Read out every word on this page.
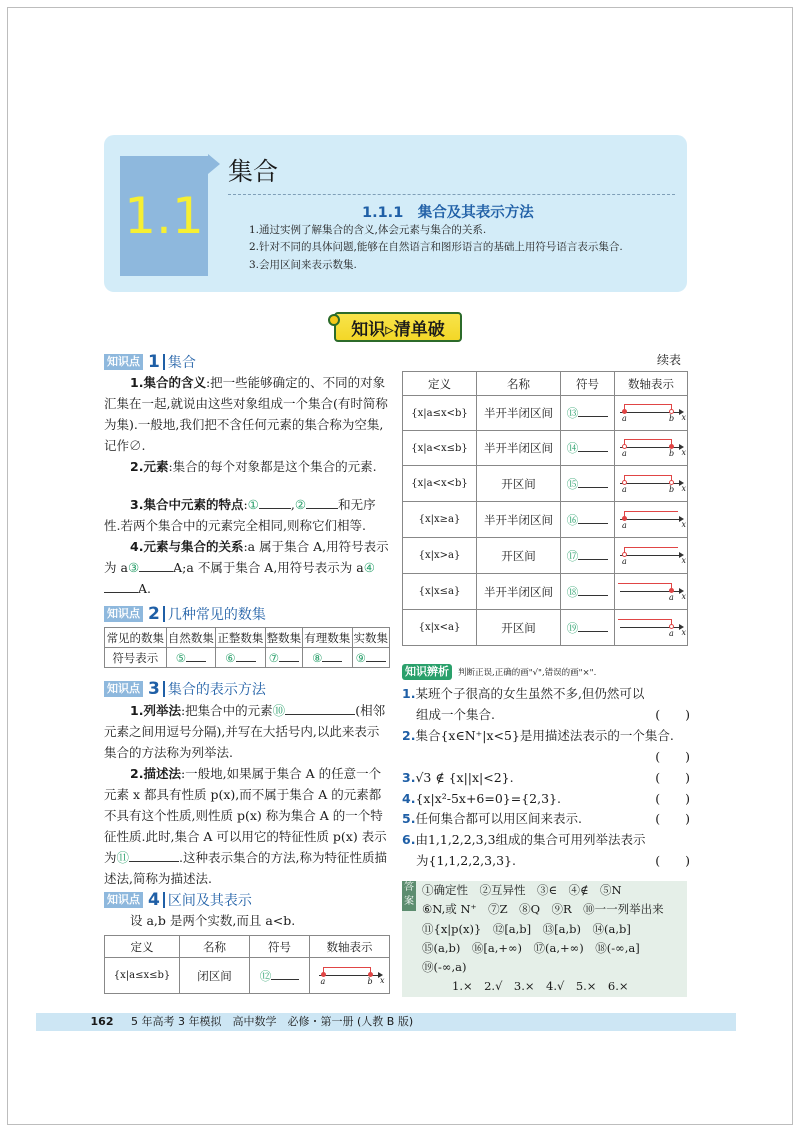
1.1
集合
1.1.1　集合及其表示方法
1.通过实例了解集合的含义,体会元素与集合的关系.
2.针对不同的具体问题,能够在自然语言和图形语言的基础上用符号语言表示集合.
3.会用区间来表示数集.
知识▹清单破
知识点 1 集合
1.集合的含义:把一些能够确定的、不同的对象汇集在一起,就说由这些对象组成一个集合(有时简称为集).一般地,我们把不含任何元素的集合称为空集,记作∅.
2.元素:集合的每个对象都是这个集合的元素.
3.集合中元素的特点:①	,②	和无序性.若两个集合中的元素完全相同,则称它们相等.
4.元素与集合的关系:a 属于集合 A,用符号表示为 a③	A;a 不属于集合 A,用符号表示为 a④A.
知识点 2 几种常见的数集
常见的数集	自然数集	正整数集	整数集	有理数集	实数集
符号表示	⑤	⑥	⑦	⑧	⑨
知识点 3 集合的表示方法
1.列举法:把集合中的元素⑩	(相邻元素之间用逗号分隔),并写在大括号内,以此来表示集合的方法称为列举法.
2.描述法:一般地,如果属于集合 A 的任意一个元素 x 都具有性质 p(x),而不属于集合 A 的元素都不具有这个性质,则性质 p(x) 称为集合 A 的一个特征性质.此时,集合 A 可以用它的特征性质 p(x) 表示为⑪	.这种表示集合的方法,称为特征性质描述法,简称为描述法.
知识点 4 区间及其表示
设 a,b 是两个实数,而且 a<b.
定义	名称	符号	数轴表示
{x|a≤x≤b}	闭区间	⑫	a b x
续表
定义	名称	符号	数轴表示
{x|a≤x<b}	半开半闭区间	⑬	a b x

{x|a<x≤b}	半开半闭区间	⑭	a b x

{x|a<x<b}	开区间	⑮	a b x

{x|x≥a}	半开半闭区间	⑯	a x

{x|x>a}	开区间	⑰	a x

{x|x≤a}	半开半闭区间	⑱	a x

{x|x<a}	开区间	⑲	a x
知识辨析	判断正误,正确的画"√",错误的画"×".
1.某班个子很高的女生虽然不多,但仍然可以组成一个集合.	(　　)
2.集合{x∈N⁺|x<5}是用描述法表示的一个集合.
(　　)
3.√3 ∉ {x||x|<2}.	(　　)
4.{x|x²-5x+6=0}={2,3}.	(　　)
5.任何集合都可以用区间来表示.	(　　)
6.由1,1,2,2,3,3组成的集合可用列举法表示为{1,1,2,2,3,3}.	(　　)
答案
①确定性　②互异性　③∈　④∉　⑤N
⑥N,或 N⁺　⑦Z　⑧Q　⑨R　⑩一一列举出来
⑪{x|p(x)}　⑫[a,b]　⑬[a,b)　⑭(a,b]
⑮(a,b)　⑯[a,+∞)　⑰(a,+∞)　⑱(-∞,a]
⑲(-∞,a)
1.×　2.√　3.×　4.√　5.×　6.×
162	5 年高考 3 年模拟　高中数学　必修・第一册 (人教 B 版)
